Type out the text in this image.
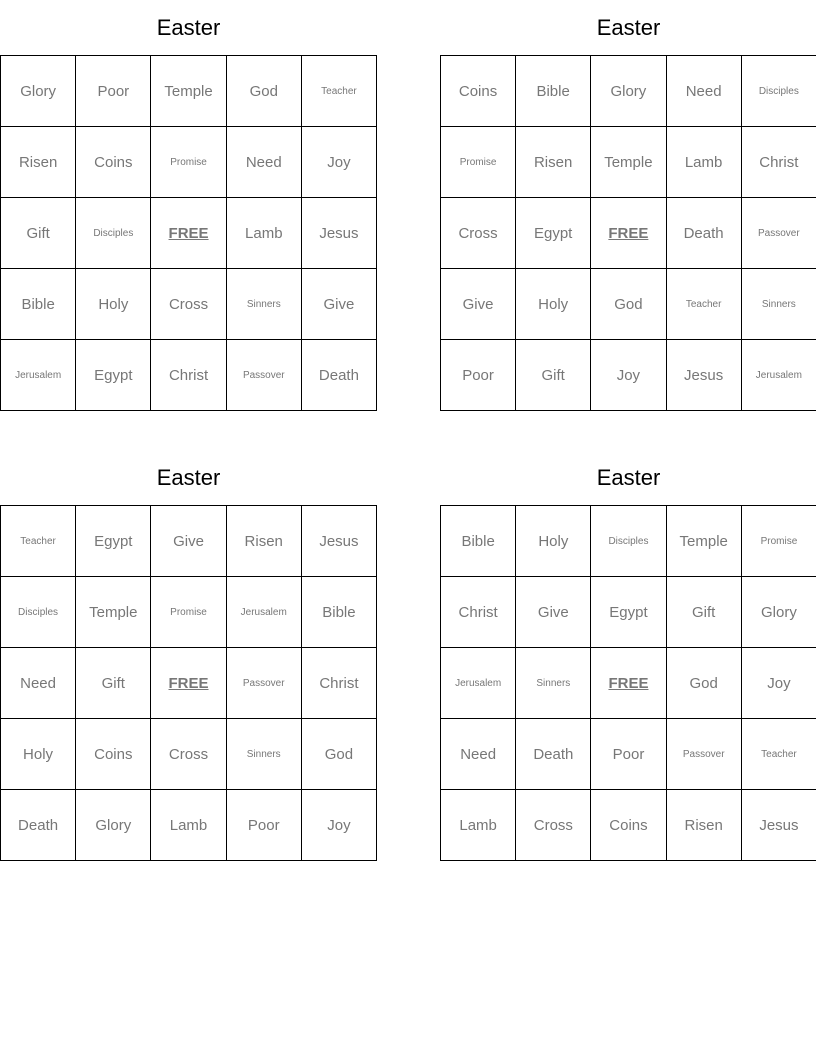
Easter
Glory	Poor	Temple	God	Teacher
Risen	Coins	Promise	Need	Joy
Gift	Disciples	FREE	Lamb	Jesus
Bible	Holy	Cross	Sinners	Give
Jerusalem	Egypt	Christ	Passover	Death
Easter
Coins	Bible	Glory	Need	Disciples
Promise	Risen	Temple	Lamb	Christ
Cross	Egypt	FREE	Death	Passover
Give	Holy	God	Teacher	Sinners
Poor	Gift	Joy	Jesus	Jerusalem
Easter
Teacher	Egypt	Give	Risen	Jesus
Disciples	Temple	Promise	Jerusalem	Bible
Need	Gift	FREE	Passover	Christ
Holy	Coins	Cross	Sinners	God
Death	Glory	Lamb	Poor	Joy
Easter
Bible	Holy	Disciples	Temple	Promise
Christ	Give	Egypt	Gift	Glory
Jerusalem	Sinners	FREE	God	Joy
Need	Death	Poor	Passover	Teacher
Lamb	Cross	Coins	Risen	Jesus
